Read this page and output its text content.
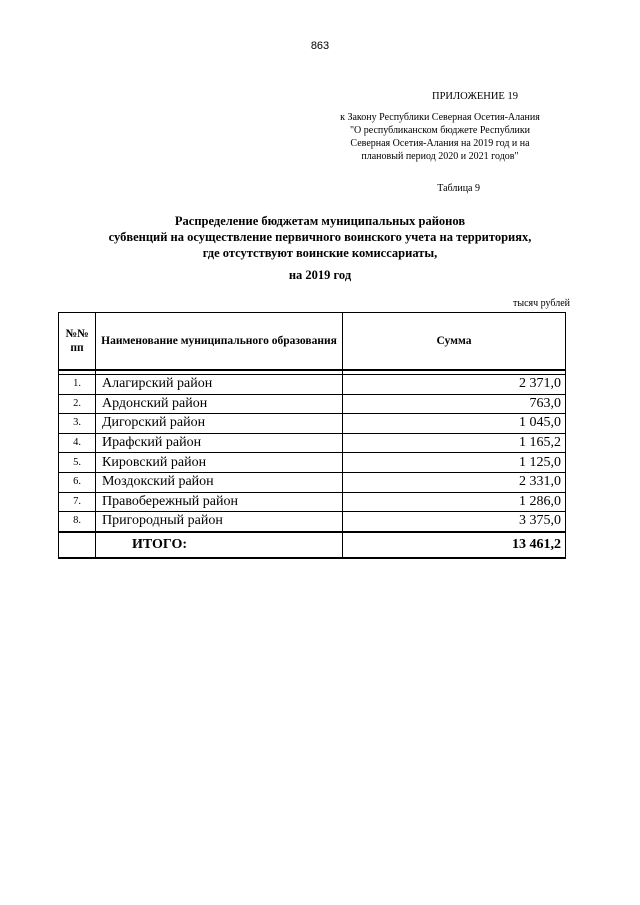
863
ПРИЛОЖЕНИЕ 19
к Закону Республики Северная Осетия-Алания
"О республиканском бюджете Республики
Северная Осетия-Алания на 2019 год и на
плановый период 2020 и 2021 годов"
Таблица 9
Распределение бюджетам муниципальных районов
субвенций на осуществление первичного воинского учета на территориях,
где отсутствуют воинские комиссариаты,
на 2019 год
тысяч рублей
№№ пп	Наименование муниципального образования	Сумма

1.	Алагирский район	2 371,0
2.	Ардонский район	763,0
3.	Дигорский район	1 045,0
4.	Ирафский район	1 165,2
5.	Кировский район	1 125,0
6.	Моздокский район	2 331,0
7.	Правобережный район	1 286,0
8.	Пригородный район	3 375,0
	ИТОГО:	13 461,2
